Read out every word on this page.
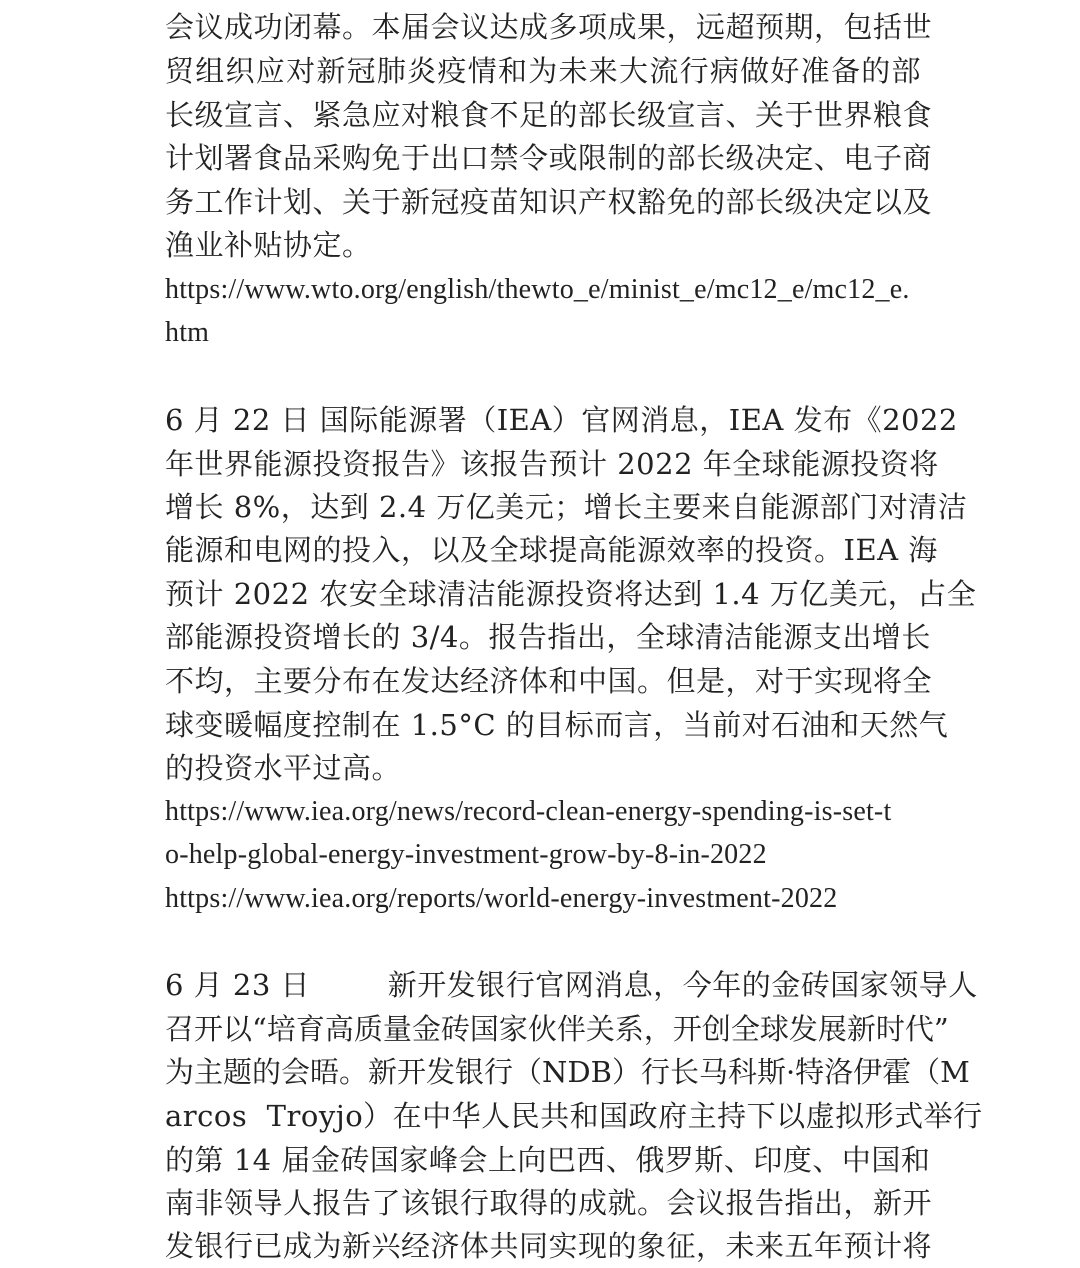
会议成功闭幕。本届会议达成多项成果，远超预期，包括世
贸组织应对新冠肺炎疫情和为未来大流行病做好准备的部
长级宣言、紧急应对粮食不足的部长级宣言、关于世界粮食
计划署食品采购免于出口禁令或限制的部长级决定、电子商
务工作计划、关于新冠疫苗知识产权豁免的部长级决定以及
渔业补贴协定。
https://www.wto.org/english/thewto_e/minist_e/mc12_e/mc12_e.
htm
6 月 22 日 国际能源署（IEA）官网消息，IEA 发布《2022
年世界能源投资报告》该报告预计 2022 年全球能源投资将
增长 8%，达到 2.4 万亿美元；增长主要来自能源部门对清洁
能源和电网的投入，以及全球提高能源效率的投资。IEA 海
预计 2022 农安全球清洁能源投资将达到 1.4 万亿美元，占全
部能源投资增长的 3/4。报告指出，全球清洁能源支出增长
不均，主要分布在发达经济体和中国。但是，对于实现将全
球变暖幅度控制在 1.5°C 的目标而言，当前对石油和天然气
的投资水平过高。
https://www.iea.org/news/record-clean-energy-spending-is-set-t
o-help-global-energy-investment-grow-by-8-in-2022
https://www.iea.org/reports/world-energy-investment-2022
6 月 23 日        新开发银行官网消息，今年的金砖国家领导人
召开以“培育高质量金砖国家伙伴关系，开创全球发展新时代”
为主题的会晤。新开发银行（NDB）行长马科斯·特洛伊霍（M
arcos  Troyjo）在中华人民共和国政府主持下以虚拟形式举行
的第 14 届金砖国家峰会上向巴西、俄罗斯、印度、中国和
南非领导人报告了该银行取得的成就。会议报告指出，新开
发银行已成为新兴经济体共同实现的象征，未来五年预计将
